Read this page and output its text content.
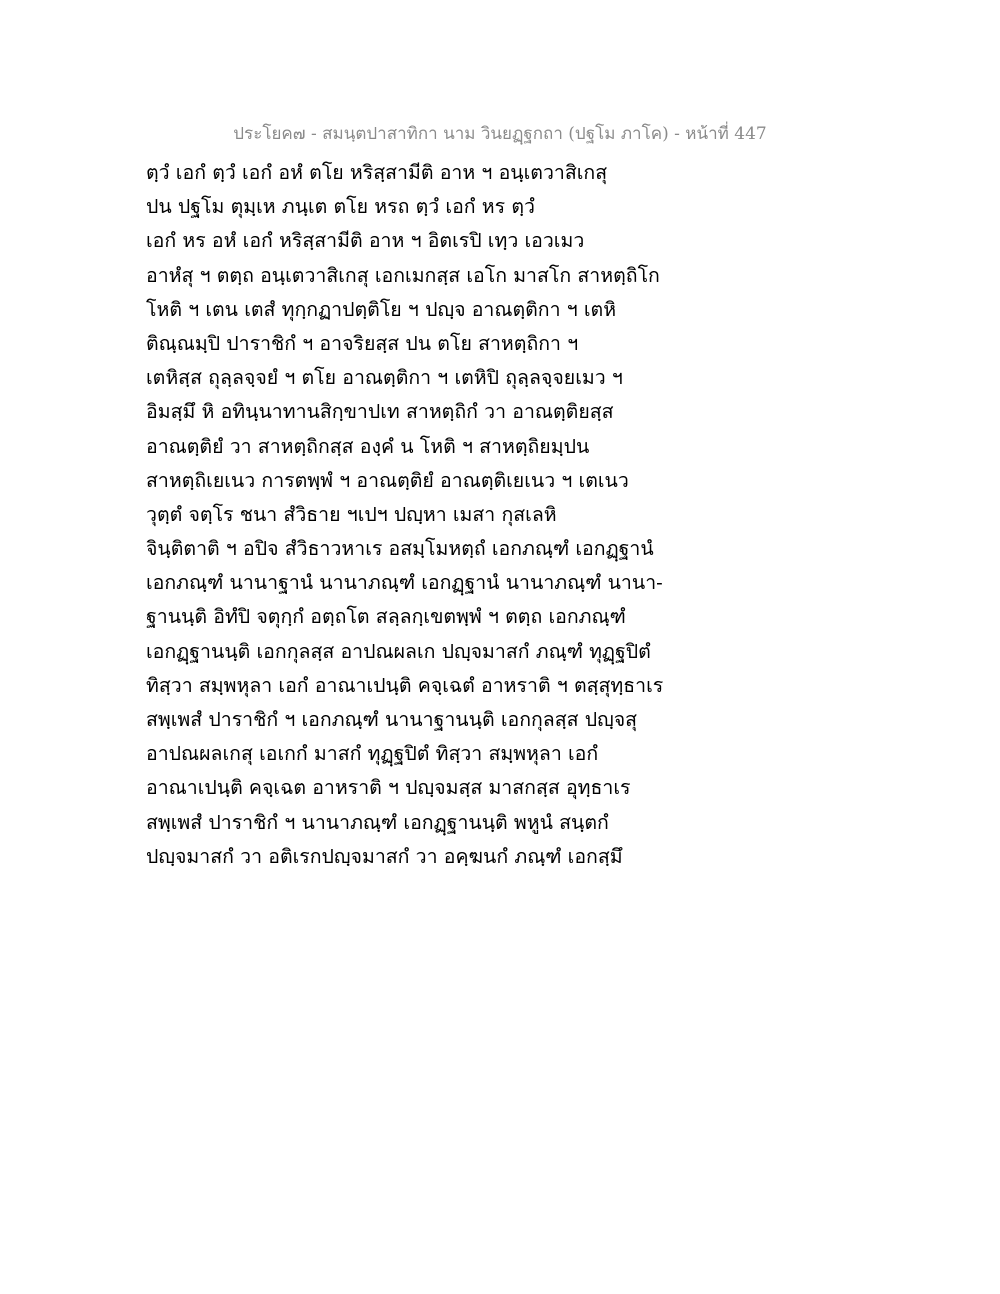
ประโยค๗ - สมนฺตปาสาทิกา นาม วินยฏฺฐกถา (ปฐโม ภาโค) - หน้าที่ 447
ตฺวํ เอกํ ตฺวํ เอกํ อหํ ตโย หริสฺสามีติ อาห ฯ อนฺเตวาสิเกสุ
ปน ปฐโม ตุมฺเห ภนฺเต ตโย หรถ ตฺวํ เอกํ หร ตฺวํ
เอกํ หร อหํ เอกํ หริสฺสามีติ อาห ฯ อิตเรปิ เทฺว เอวเมว
อาหํสุ ฯ ตตฺถ อนฺเตวาสิเกสุ เอกเมกสฺส เอโก มาสโก สาหตฺถิโก
โหติ ฯ เตน เตสํ ทุกฺกฏาปตฺติโย ฯ ปญฺจ อาณตฺติกา ฯ เตหิ
ติณฺณมฺปิ ปาราชิกํ ฯ อาจริยสฺส ปน ตโย สาหตฺถิกา ฯ
เตหิสฺส ถุลฺลจฺจยํ ฯ ตโย อาณตฺติกา ฯ เตหิปิ ถุลฺลจฺจยเมว ฯ
อิมสฺมึ หิ อทินฺนาทานสิกฺขาปเท สาหตฺถิกํ วา อาณตฺติยสฺส
อาณตฺติยํ วา สาหตฺถิกสฺส องฺคํ น โหติ ฯ สาหตฺถิยมฺปน
สาหตฺถิเยเนว การตพฺพํ ฯ อาณตฺติยํ อาณตฺติเยเนว ฯ เตเนว
วุตฺตํ จตฺโร ชนา สํวิธาย ฯเปฯ ปญฺหา เมสา กุสเลหิ
จินฺติตาติ ฯ อปิจ สํวิธาวหาเร อสมฺโมหตฺถํ เอกภณฺฑํ เอกฏฺฐานํ
เอกภณฺฑํ นานาฐานํ นานาภณฺฑํ เอกฏฺฐานํ นานาภณฺฑํ นานา-
ฐานนฺติ อิทํปิ จตุกฺกํ อตฺถโต สลฺลกฺเขตพฺพํ ฯ ตตฺถ เอกภณฺฑํ
เอกฏฺฐานนฺติ เอกกุลสฺส อาปณผลเก ปญฺจมาสกํ ภณฺฑํ ทุฏฺฐปิตํ
ทิสฺวา สมฺพหุลา เอกํ อาณาเปนฺติ คจฺเฉตํ อาหราติ ฯ ตสฺสุทฺธาเร
สพฺเพสํ ปาราชิกํ ฯ เอกภณฺฑํ นานาฐานนฺติ เอกกุลสฺส ปญฺจสุ
อาปณผลเกสุ เอเกกํ มาสกํ ทุฏฺฐปิตํ ทิสฺวา สมฺพหุลา เอกํ
อาณาเปนฺติ คจฺเฉต อาหราติ ฯ ปญฺจมสฺส มาสกสฺส อุทฺธาเร
สพฺเพสํ ปาราชิกํ ฯ นานาภณฺฑํ เอกฏฺฐานนฺติ พหูนํ สนฺตกํ
ปญฺจมาสกํ วา อติเรกปญฺจมาสกํ วา อคฺฆนกํ ภณฺฑํ เอกสฺมึ
